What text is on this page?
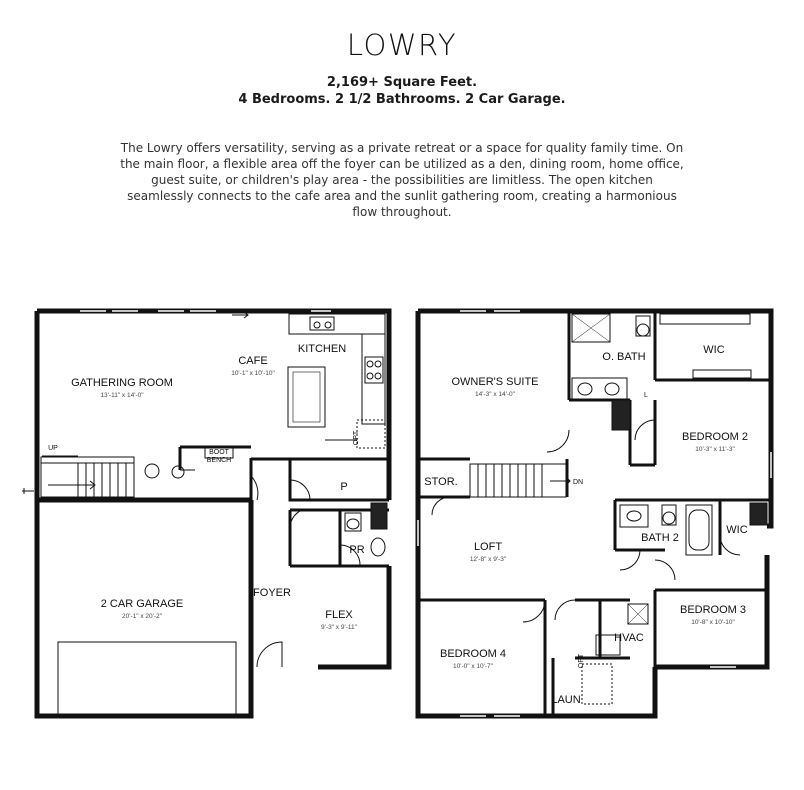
LOWRY
2,169+ Square Feet.
4 Bedrooms. 2 1/2 Bathrooms. 2 Car Garage.
The Lowry offers versatility, serving as a private retreat or a space for quality family time. On the main floor, a flexible area off the foyer can be utilized as a den, dining room, home office, guest suite, or children's play area - the possibilities are limitless. The open kitchen seamlessly connects to the cafe area and the sunlit gathering room, creating a harmonious flow throughout.
GATHERING ROOM
13'-11" x 14'-0"
CAFE
10'-1" x 10'-10"
KITCHEN
2 CAR GARAGE
20'-1" x 20'-2"
FOYER
FLEX
9'-3" x 9'-11"
P
PR
UP
BOOT
BENCH
OPT
OWNER'S SUITE
14'-3" x 14'-0"
O. BATH
WIC
BEDROOM 2
10'-3" x 11'-3"
STOR.	DN
LOFT
12'-8" x 9'-3"
BATH 2
WIC
BEDROOM 3
10'-8" x 10'-10"
BEDROOM 4
10'-0" x 10'-7"
HVAC
LAUN
OPT
L
